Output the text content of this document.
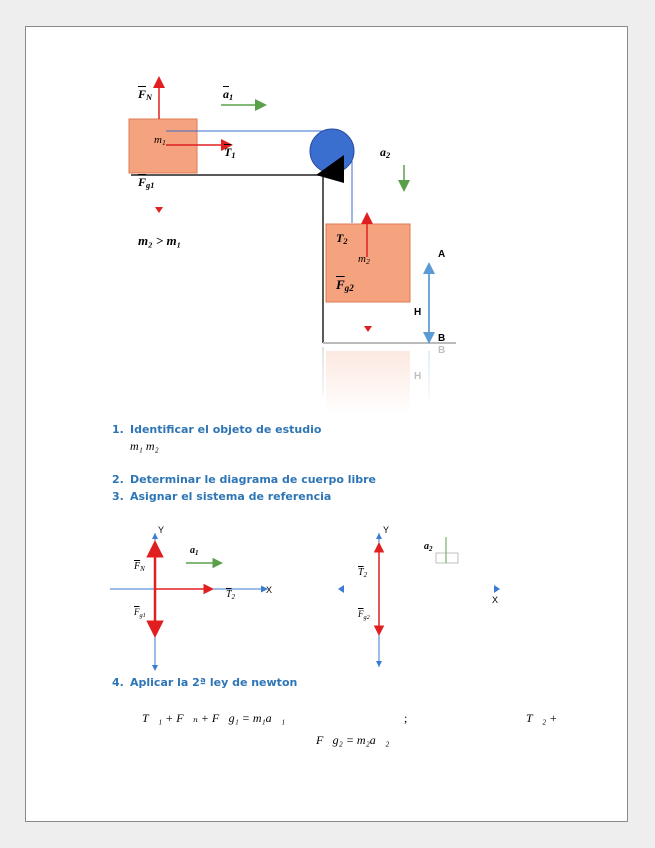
$\overline{F}_N$	$\overline{a}_1$
$m_1$
$\overline{T}_1$
$\overline{F}_{g1}$
$a_2$
m₂ > m₁	$T_2$
$m_2$
$\overline{F}_{g2}$
A
H
B
B
H
1. Identificar el objeto de estudio
m₁ m₂
2. Determinar le diagrama de cuerpo libre
3. Asignar el sistema de referencia
Y
X
$\overline{F}_N$
$a_1$
$\overline{T}_2$
$\overline{F}_{g1}$
Y
X
$\overline{T}_2$
$\overline{F}_{g2}$
$a_2$
4. Aplicar la 2ª ley de newton
T⃗₁ + F⃗ₙ + F⃗g₁ = m₁a⃗₁	;	T⃗₂ +
F⃗g₂ = m₂a⃗₂
